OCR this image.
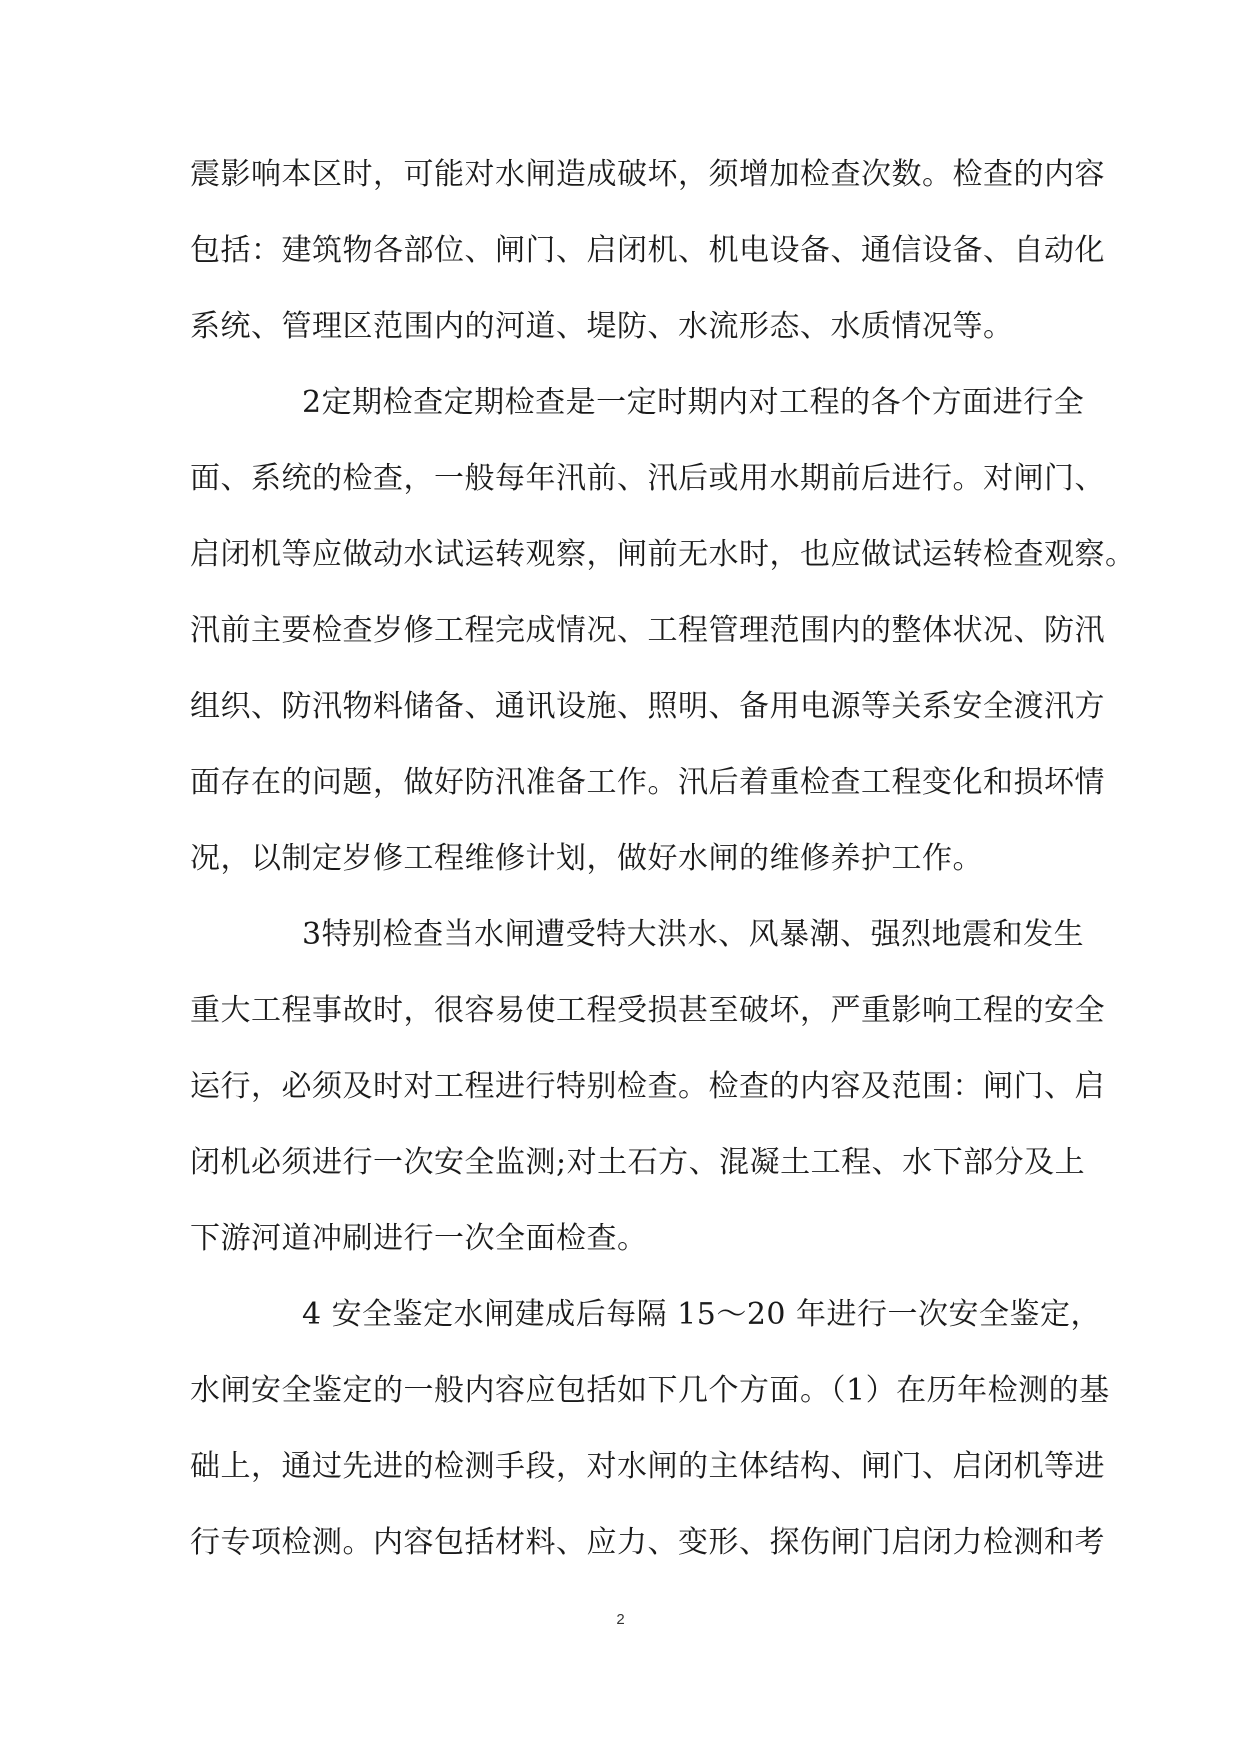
震影响本区时，可能对水闸造成破坏，须增加检查次数。检查的内容
包括：建筑物各部位、闸门、启闭机、机电设备、通信设备、自动化
系统、管理区范围内的河道、堤防、水流形态、水质情况等。
2定期检查定期检查是一定时期内对工程的各个方面进行全
面、系统的检查，一般每年汛前、汛后或用水期前后进行。对闸门、
启闭机等应做动水试运转观察，闸前无水时，也应做试运转检查观察。
汛前主要检查岁修工程完成情况、工程管理范围内的整体状况、防汛
组织、防汛物料储备、通讯设施、照明、备用电源等关系安全渡汛方
面存在的问题，做好防汛准备工作。汛后着重检查工程变化和损坏情
况，以制定岁修工程维修计划，做好水闸的维修养护工作。
3特别检查当水闸遭受特大洪水、风暴潮、强烈地震和发生
重大工程事故时，很容易使工程受损甚至破坏，严重影响工程的安全
运行，必须及时对工程进行特别检查。检查的内容及范围：闸门、启
闭机必须进行一次安全监测;对土石方、混凝土工程、水下部分及上
下游河道冲刷进行一次全面检查。
4 安全鉴定水闸建成后每隔 15～20 年进行一次安全鉴定，
水闸安全鉴定的一般内容应包括如下几个方面。（1）在历年检测的基
础上，通过先进的检测手段，对水闸的主体结构、闸门、启闭机等进
行专项检测。内容包括材料、应力、变形、探伤闸门启闭力检测和考
2
